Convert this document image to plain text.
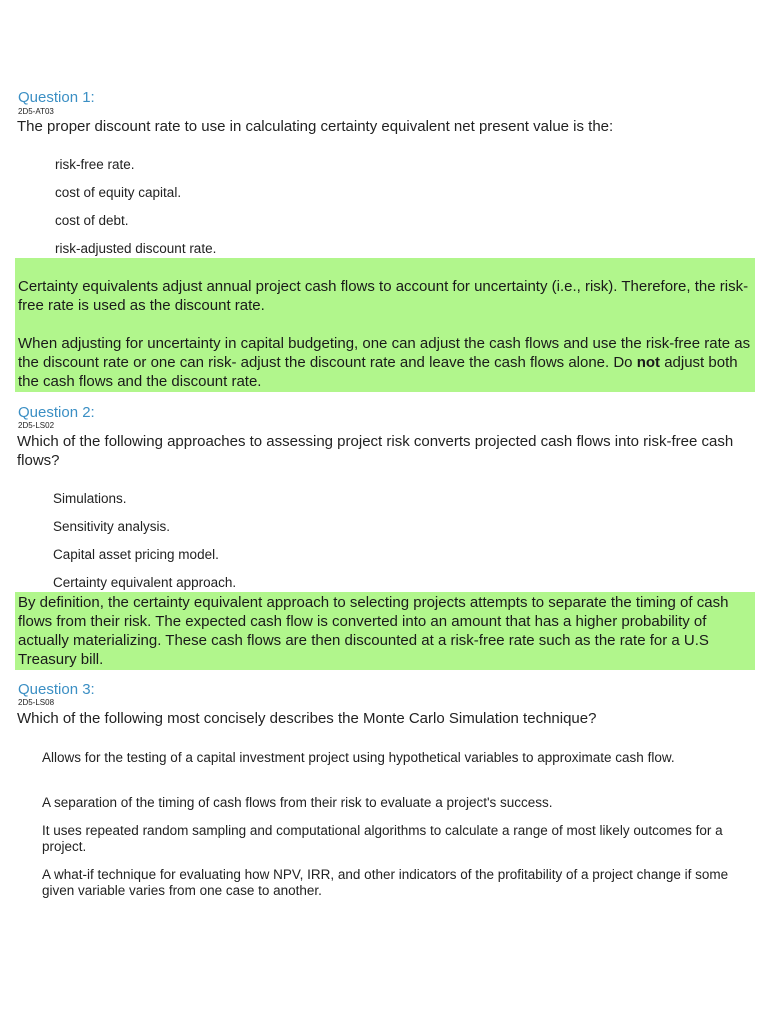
Question 1:
2D5-AT03
The proper discount rate to use in calculating certainty equivalent net present value is the:
risk-free rate.
cost of equity capital.
cost of debt.
risk-adjusted discount rate.

Certainty equivalents adjust annual project cash flows to account for uncertainty (i.e., risk). Therefore, the risk-free rate is used as the discount rate.

When adjusting for uncertainty in capital budgeting, one can adjust the cash flows and use the risk-free rate as the discount rate or one can risk- adjust the discount rate and leave the cash flows alone. Do not adjust both the cash flows and the discount rate.

Question 2:
2D5-LS02
Which of the following approaches to assessing project risk converts projected cash flows into risk-free cash flows?
Simulations.
Sensitivity analysis.
Capital asset pricing model.
Certainty equivalent approach.

By definition, the certainty equivalent approach to selecting projects attempts to separate the timing of cash flows from their risk. The expected cash flow is converted into an amount that has a higher probability of actually materializing. These cash flows are then discounted at a risk-free rate such as the rate for a U.S Treasury bill.

Question 3:
2D5-LS08
Which of the following most concisely describes the Monte Carlo Simulation technique?
Allows for the testing of a capital investment project using hypothetical variables to approximate cash flow.
A separation of the timing of cash flows from their risk to evaluate a project's success.
It uses repeated random sampling and computational algorithms to calculate a range of most likely outcomes for a project.
A what-if technique for evaluating how NPV, IRR, and other indicators of the profitability of a project change if some given variable varies from one case to another.
